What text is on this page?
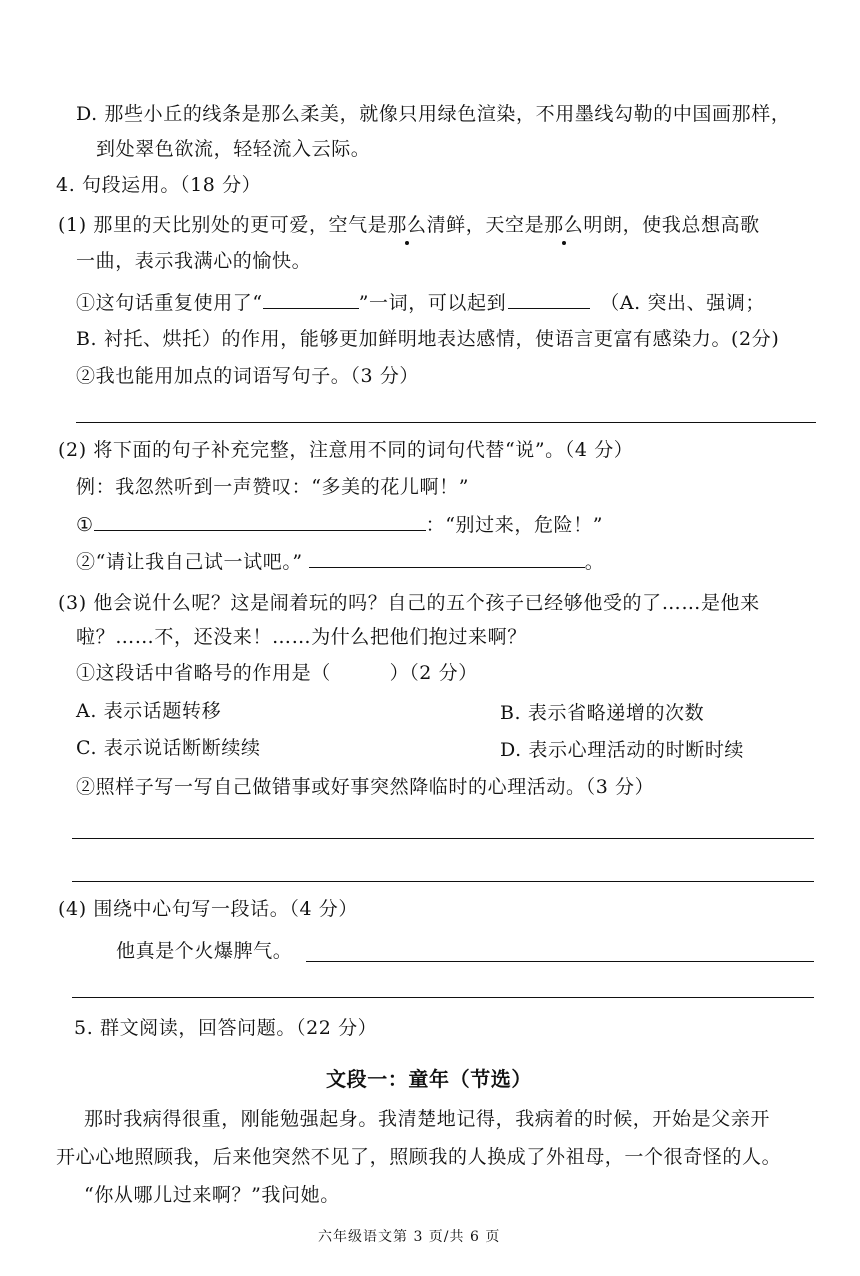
D. 那些小丘的线条是那么柔美，就像只用绿色渲染，不用墨线勾勒的中国画那样，
到处翠色欲流，轻轻流入云际。
4. 句段运用。（18 分）
(1) 那里的天比别处的更可爱，空气是那么清鲜，天空是那么明朗，使我总想高歌
一曲，表示我满心的愉快。
①这句话重复使用了“	”一词，可以起到	（A. 突出、强调；
B. 衬托、烘托）的作用，能够更加鲜明地表达感情，使语言更富有感染力。(2分)
②我也能用加点的词语写句子。（3 分）
(2) 将下面的句子补充完整，注意用不同的词句代替“说”。（4 分）
例：我忽然听到一声赞叹：“多美的花儿啊！”
①	：“别过来，危险！”
②“请让我自己试一试吧。”	。
(3) 他会说什么呢？这是闹着玩的吗？自己的五个孩子已经够他受的了……是他来
啦？……不，还没来！……为什么把他们抱过来啊？
①这段话中省略号的作用是（　　　）（2 分）
A. 表示话题转移	B. 表示省略递增的次数
C. 表示说话断断续续	D. 表示心理活动的时断时续
②照样子写一写自己做错事或好事突然降临时的心理活动。（3 分）
(4) 围绕中心句写一段话。（4 分）
他真是个火爆脾气。
5. 群文阅读，回答问题。（22 分）
文段一：童年（节选）
那时我病得很重，刚能勉强起身。我清楚地记得，我病着的时候，开始是父亲开
开心心地照顾我，后来他突然不见了，照顾我的人换成了外祖母，一个很奇怪的人。
“你从哪儿过来啊？”我问她。
六年级语文第 3 页/共 6 页
